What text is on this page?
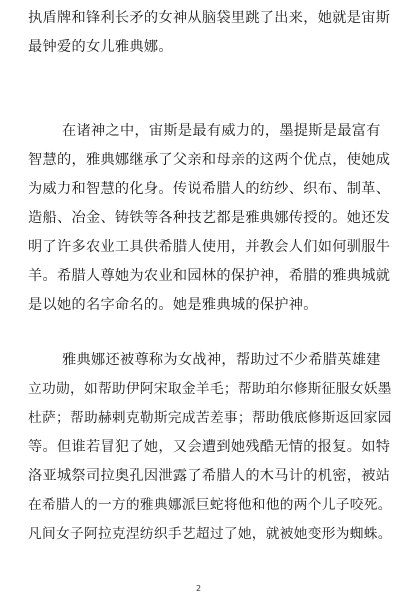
执盾牌和锋利长矛的女神从脑袋里跳了出来，她就是宙斯
最钟爱的女儿雅典娜。
在诸神之中，宙斯是最有威力的，墨提斯是最富有
智慧的，雅典娜继承了父亲和母亲的这两个优点，使她成
为威力和智慧的化身。传说希腊人的纺纱、织布、制革、
造船、冶金、铸铁等各种技艺都是雅典娜传授的。她还发
明了许多农业工具供希腊人使用，并教会人们如何驯服牛
羊。希腊人尊她为农业和园林的保护神，希腊的雅典城就
是以她的名字命名的。她是雅典城的保护神。
雅典娜还被尊称为女战神，帮助过不少希腊英雄建
立功勋，如帮助伊阿宋取金羊毛；帮助珀尔修斯征服女妖墨
杜萨；帮助赫剌克勒斯完成苦差事；帮助俄底修斯返回家园
等。但谁若冒犯了她，又会遭到她残酷无情的报复。如特
洛亚城祭司拉奥孔因泄露了希腊人的木马计的机密，被站
在希腊人的一方的雅典娜派巨蛇将他和他的两个儿子咬死。
凡间女子阿拉克涅纺织手艺超过了她，就被她变形为蜘蛛。
2
